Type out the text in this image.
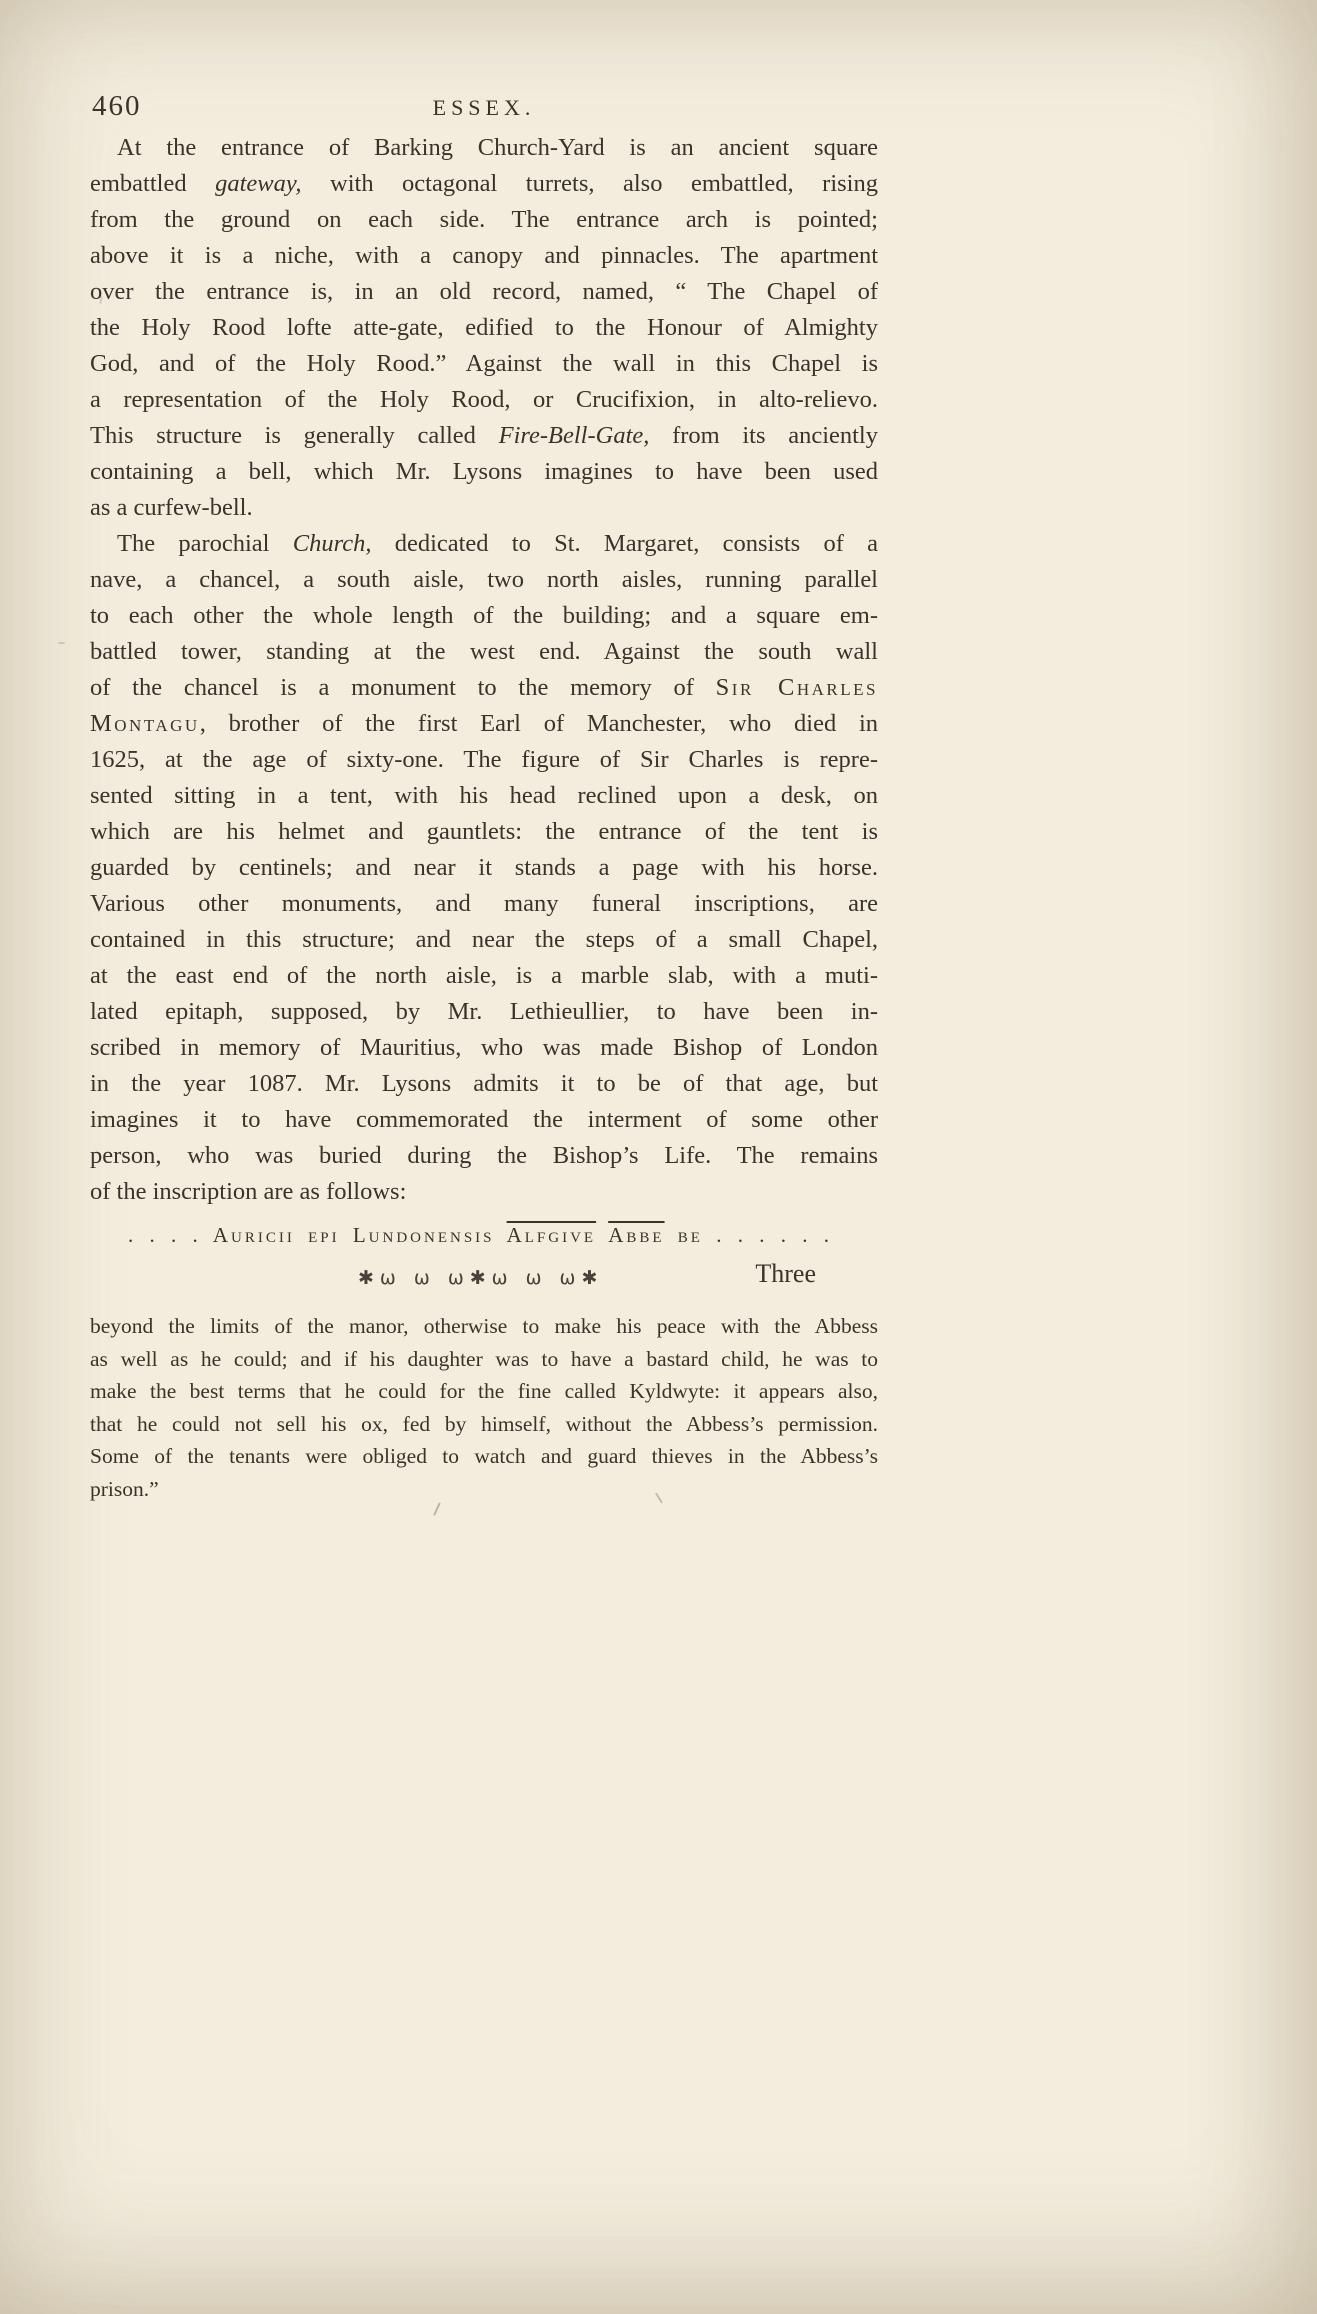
460	ESSEX.
At the entrance of Barking Church-Yard is an ancient square
embattled gateway, with octagonal turrets, also embattled, rising
from the ground on each side. The entrance arch is pointed;
above it is a niche, with a canopy and pinnacles. The apartment
over the entrance is, in an old record, named, “ The Chapel of
the Holy Rood lofte atte-gate, edified to the Honour of Almighty
God, and of the Holy Rood.” Against the wall in this Chapel is
a representation of the Holy Rood, or Crucifixion, in alto-relievo.
This structure is generally called Fire-Bell-Gate, from its anciently
containing a bell, which Mr. Lysons imagines to have been used
as a curfew-bell.
The parochial Church, dedicated to St. Margaret, consists of a
nave, a chancel, a south aisle, two north aisles, running parallel
to each other the whole length of the building; and a square em-
battled tower, standing at the west end. Against the south wall
of the chancel is a monument to the memory of Sir Charles
Montagu, brother of the first Earl of Manchester, who died in
1625, at the age of sixty-one. The figure of Sir Charles is repre-
sented sitting in a tent, with his head reclined upon a desk, on
which are his helmet and gauntlets: the entrance of the tent is
guarded by centinels; and near it stands a page with his horse.
Various other monuments, and many funeral inscriptions, are
contained in this structure; and near the steps of a small Chapel,
at the east end of the north aisle, is a marble slab, with a muti-
lated epitaph, supposed, by Mr. Lethieullier, to have been in-
scribed in memory of Mauritius, who was made Bishop of London
in the year 1087. Mr. Lysons admits it to be of that age, but
imagines it to have commemorated the interment of some other
person, who was buried during the Bishop’s Life. The remains
of the inscription are as follows:
. . . . Auricii epi Lundonensis Alfgive Abbe be . . . . . .
✱ω ω ω✱ω ω ω✱	Three
beyond the limits of the manor, otherwise to make his peace with the Abbess
as well as he could; and if his daughter was to have a bastard child, he was to
make the best terms that he could for the fine called Kyldwyte: it appears also,
that he could not sell his ox, fed by himself, without the Abbess’s permission.
Some of the tenants were obliged to watch and guard thieves in the Abbess’s
prison.”
